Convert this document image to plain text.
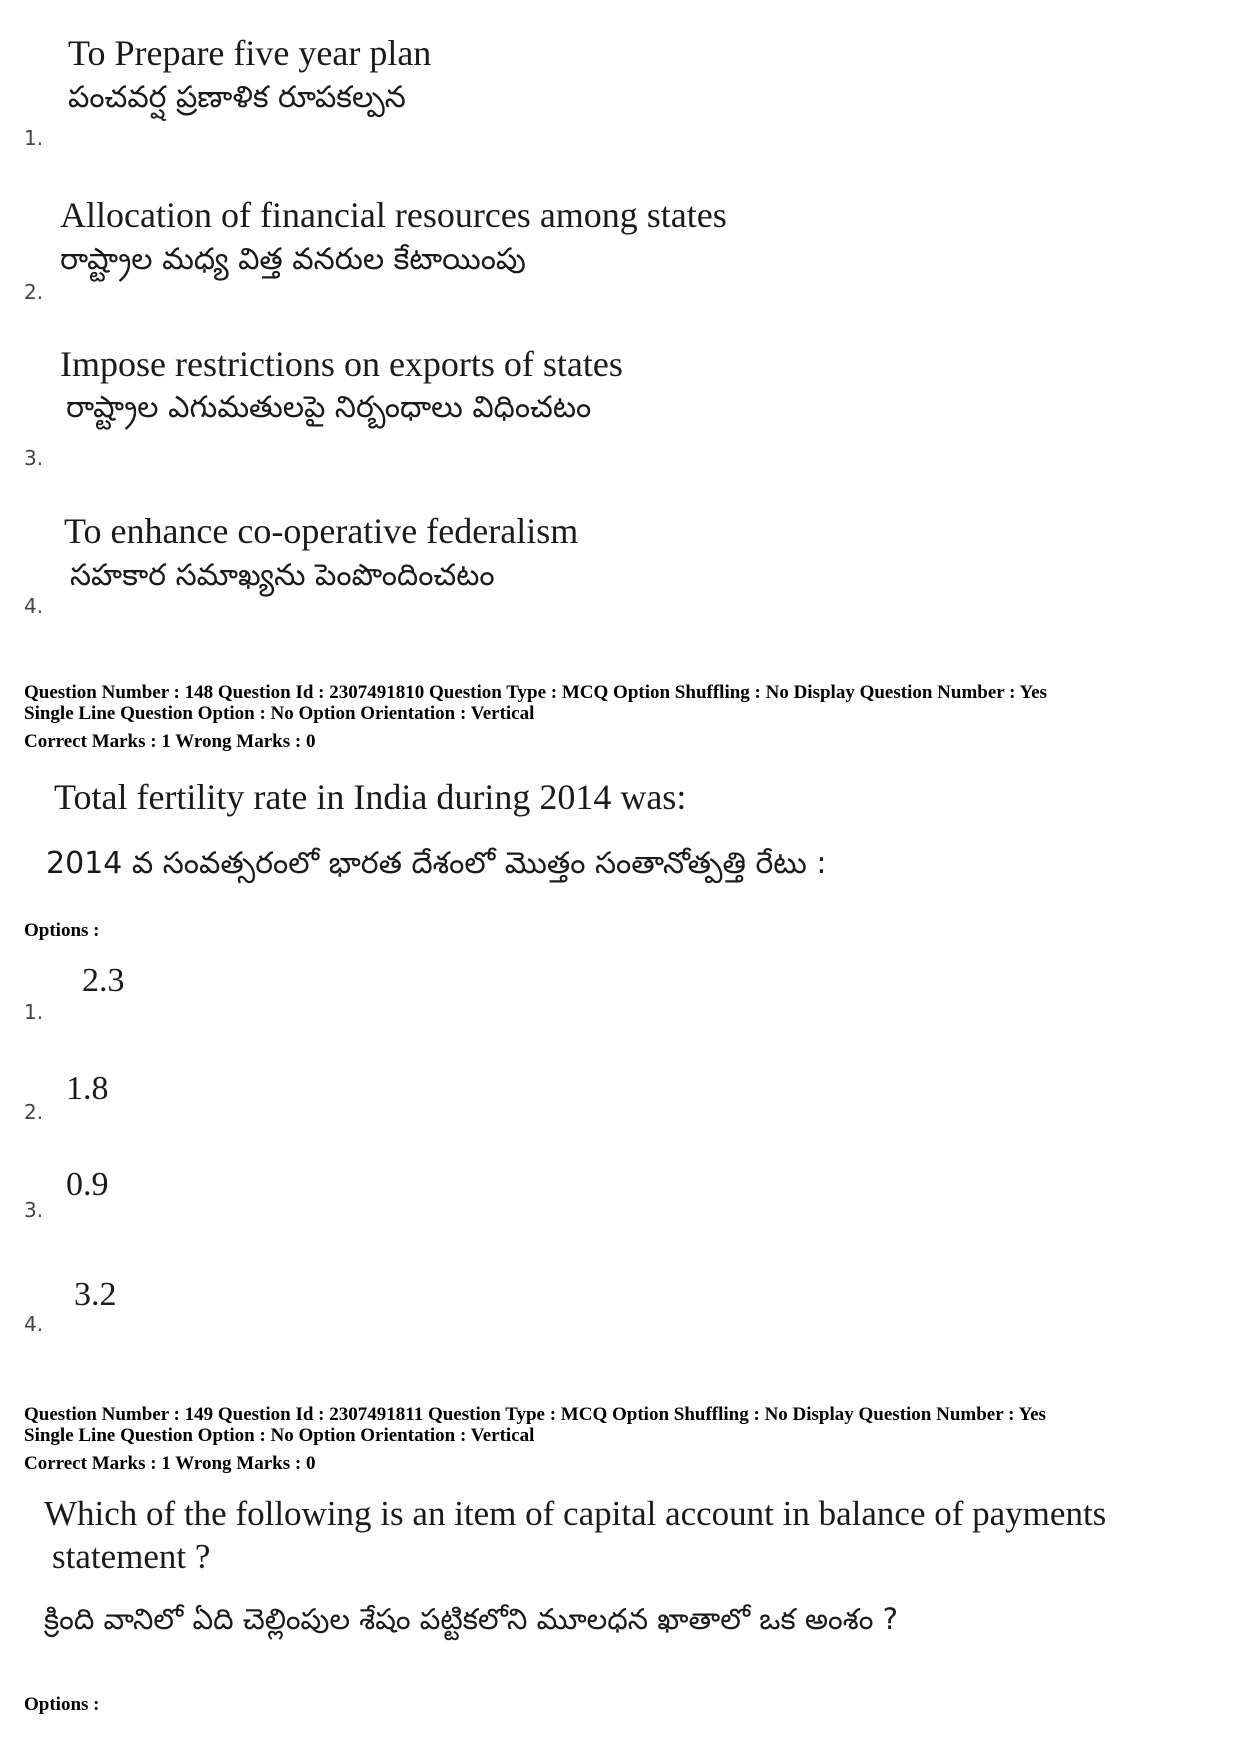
To Prepare five year plan
పంచవర్ష ప్రణాళిక రూపకల్పన
1.
Allocation of financial resources among states
రాష్ట్రాల మధ్య విత్త వనరుల కేటాయింపు
2.
Impose restrictions on exports of states
రాష్ట్రాల ఎగుమతులపై నిర్బంధాలు విధించటం
3.
To enhance co-operative federalism
సహకార సమాఖ్యను పెంపొందించటం
4.
Question Number : 148 Question Id : 2307491810 Question Type : MCQ Option Shuffling : No Display Question Number : Yes
Single Line Question Option : No Option Orientation : Vertical
Correct Marks : 1 Wrong Marks : 0
Total fertility rate in India during 2014 was:
2014 వ సంవత్సరంలో భారత దేశంలో మొత్తం సంతానోత్పత్తి రేటు :
Options :
2.3
1.
1.8
2.
0.9
3.
3.2
4.
Question Number : 149 Question Id : 2307491811 Question Type : MCQ Option Shuffling : No Display Question Number : Yes
Single Line Question Option : No Option Orientation : Vertical
Correct Marks : 1 Wrong Marks : 0
Which of the following is an item of capital account in balance of payments
statement ?
క్రింది వానిలో ఏది చెల్లింపుల శేషం పట్టికలోని మూలధన ఖాతాలో ఒక అంశం ?
Options :
